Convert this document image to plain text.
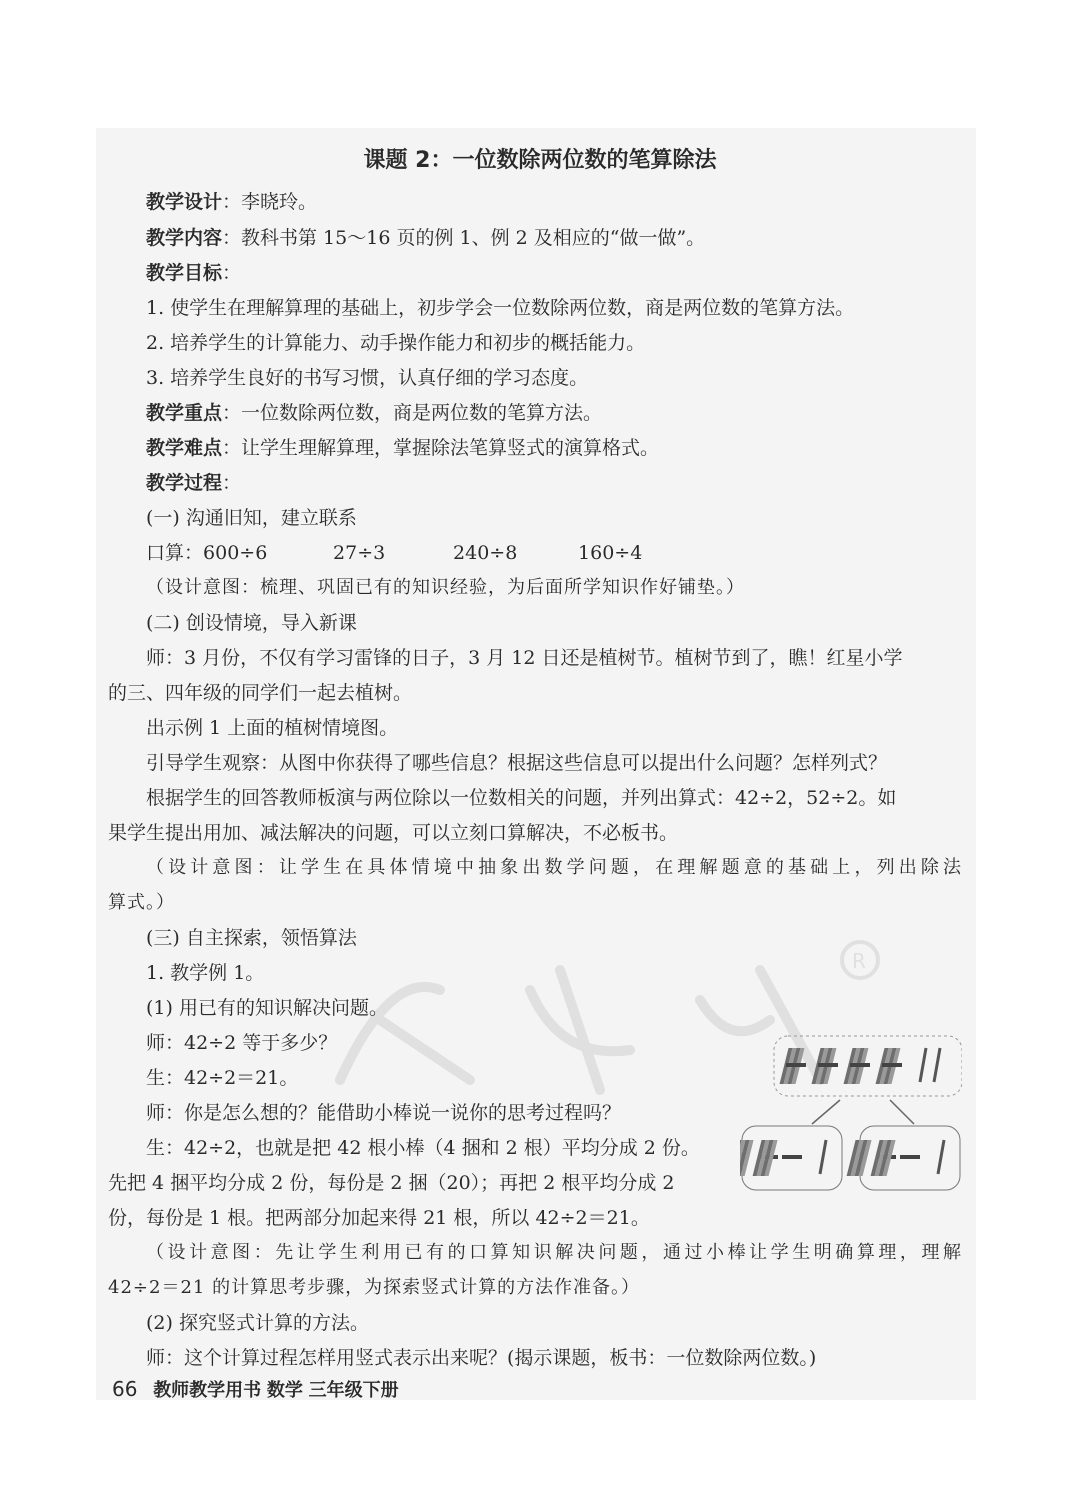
R
课题 2：一位数除两位数的笔算除法
教学设计：李晓玲。
教学内容：教科书第 15～16 页的例 1、例 2 及相应的“做一做”。
教学目标：
1. 使学生在理解算理的基础上，初步学会一位数除两位数，商是两位数的笔算方法。
2. 培养学生的计算能力、动手操作能力和初步的概括能力。
3. 培养学生良好的书写习惯，认真仔细的学习态度。
教学重点：一位数除两位数，商是两位数的笔算方法。
教学难点：让学生理解算理，掌握除法笔算竖式的演算格式。
教学过程：
(一) 沟通旧知，建立联系
口算：600÷6	27÷3	240÷8	160÷4
（设计意图：梳理、巩固已有的知识经验，为后面所学知识作好铺垫。）
(二) 创设情境，导入新课
师：3 月份，不仅有学习雷锋的日子，3 月 12 日还是植树节。植树节到了，瞧！红星小学
的三、四年级的同学们一起去植树。
出示例 1 上面的植树情境图。
引导学生观察：从图中你获得了哪些信息？根据这些信息可以提出什么问题？怎样列式？
根据学生的回答教师板演与两位除以一位数相关的问题，并列出算式：42÷2，52÷2。如
果学生提出用加、减法解决的问题，可以立刻口算解决，不必板书。
（设计意图：让学生在具体情境中抽象出数学问题，在理解题意的基础上，列出除法
算式。）
(三) 自主探索，领悟算法
1. 教学例 1。
(1) 用已有的知识解决问题。
师：42÷2 等于多少？
生：42÷2＝21。
师：你是怎么想的？能借助小棒说一说你的思考过程吗？
生：42÷2，也就是把 42 根小棒（4 捆和 2 根）平均分成 2 份。
先把 4 捆平均分成 2 份，每份是 2 捆（20）；再把 2 根平均分成 2
份，每份是 1 根。把两部分加起来得 21 根，所以 42÷2＝21。
（设计意图：先让学生利用已有的口算知识解决问题，通过小棒让学生明确算理，理解
42÷2＝21 的计算思考步骤，为探索竖式计算的方法作准备。）
(2) 探究竖式计算的方法。
师：这个计算过程怎样用竖式表示出来呢？(揭示课题，板书：一位数除两位数。)
66 教师教学用书 数学 三年级下册
